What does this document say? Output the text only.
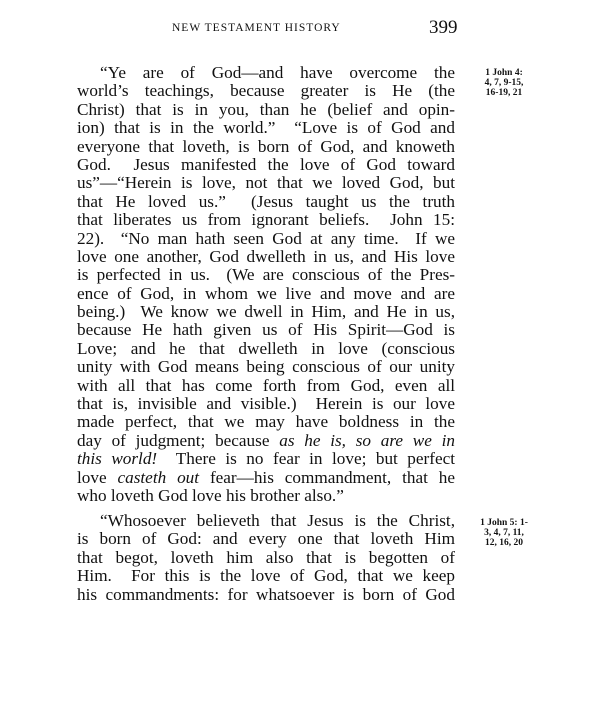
NEW TESTAMENT HISTORY	399
“Ye are of God—and have overcome the
world’s teachings, because greater is He (the
Christ) that is in you, than he (belief and opin-
ion) that is in the world.”  “Love is of God and
everyone that loveth, is born of God, and knoweth
God.  Jesus manifested the love of God toward
us”—“Herein is love, not that we loved God, but
that He loved us.”  (Jesus taught us the truth
that liberates us from ignorant beliefs.  John 15:
22).  “No man hath seen God at any time.  If we
love one another, God dwelleth in us, and His love
is perfected in us.  (We are conscious of the Pres-
ence of God, in whom we live and move and are
being.)  We know we dwell in Him, and He in us,
because He hath given us of His Spirit—God is
Love; and he that dwelleth in love (conscious
unity with God means being conscious of our unity
with all that has come forth from God, even all
that is, invisible and visible.)  Herein is our love
made perfect, that we may have boldness in the
day of judgment; because as he is, so are we in
this world!  There is no fear in love; but perfect
love casteth out fear—his commandment, that he
who loveth God love his brother also.”
“Whosoever believeth that Jesus is the Christ,
is born of God: and every one that loveth Him
that begot, loveth him also that is begotten of
Him.  For this is the love of God, that we keep
his commandments: for whatsoever is born of God
1 John 4:
4, 7, 9-15,
16-19, 21
1 John 5: 1-
3, 4, 7, 11,
12, 16, 20
